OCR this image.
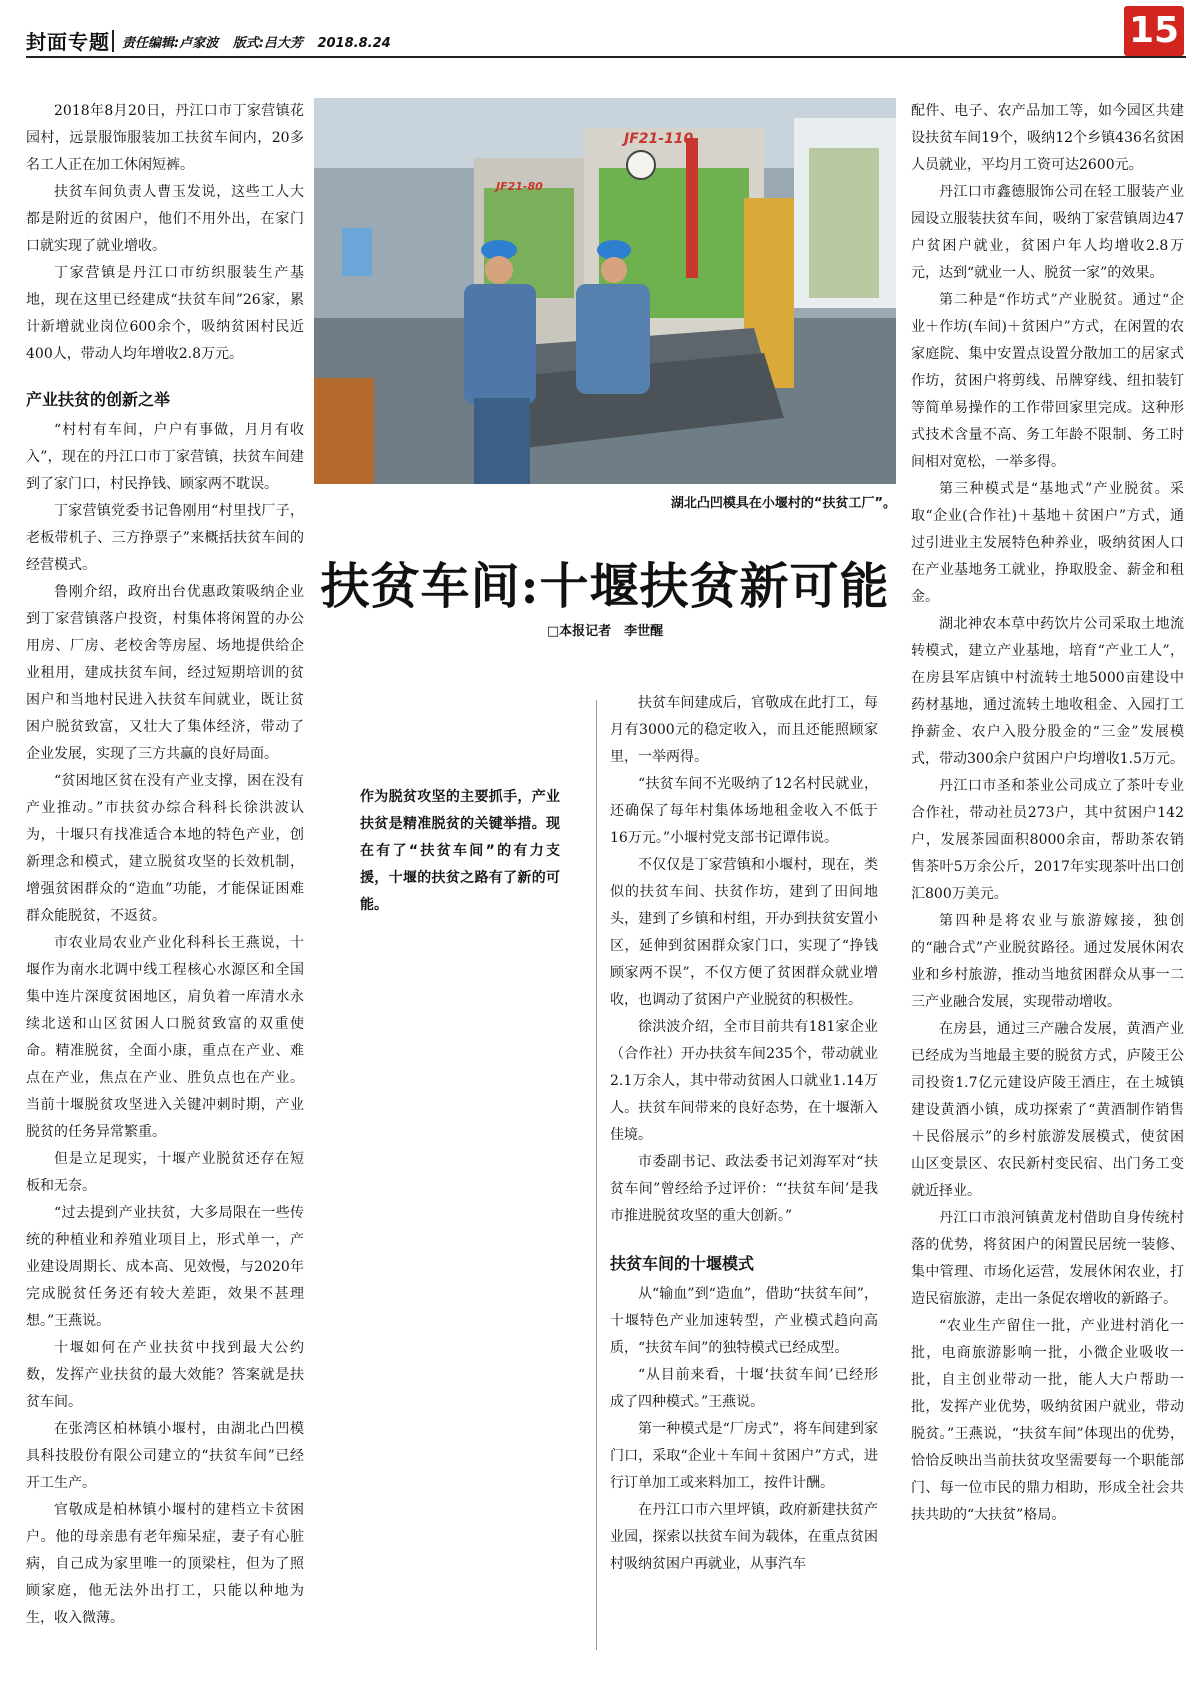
封面专题 责任编辑:卢家波 版式:吕大芳 2018.8.24	15

2018年8月20日，丹江口市丁家营镇花园村，远景服饰服装加工扶贫车间内，20多名工人正在加工休闲短裤。

扶贫车间负责人曹玉发说，这些工人大都是附近的贫困户，他们不用外出，在家门口就实现了就业增收。

丁家营镇是丹江口市纺织服装生产基地，现在这里已经建成“扶贫车间”26家，累计新增就业岗位600余个，吸纳贫困村民近400人，带动人均年增收2.8万元。

产业扶贫的创新之举

“村村有车间，户户有事做，月月有收入”，现在的丹江口市丁家营镇，扶贫车间建到了家门口，村民挣钱、顾家两不耽误。

丁家营镇党委书记鲁刚用“村里找厂子，老板带机子、三方挣票子”来概括扶贫车间的经营模式。

鲁刚介绍，政府出台优惠政策吸纳企业到丁家营镇落户投资，村集体将闲置的办公用房、厂房、老校舍等房屋、场地提供给企业租用，建成扶贫车间，经过短期培训的贫困户和当地村民进入扶贫车间就业，既让贫困户脱贫致富，又壮大了集体经济，带动了企业发展，实现了三方共赢的良好局面。

“贫困地区贫在没有产业支撑，困在没有产业推动。”市扶贫办综合科科长徐洪波认为，十堰只有找准适合本地的特色产业，创新理念和模式，建立脱贫攻坚的长效机制，增强贫困群众的“造血”功能，才能保证困难群众能脱贫，不返贫。

市农业局农业产业化科科长王燕说，十堰作为南水北调中线工程核心水源区和全国集中连片深度贫困地区，肩负着一库清水永续北送和山区贫困人口脱贫致富的双重使命。精准脱贫，全面小康，重点在产业、难点在产业，焦点在产业、胜负点也在产业。当前十堰脱贫攻坚进入关键冲刺时期，产业脱贫的任务异常繁重。

但是立足现实，十堰产业脱贫还存在短板和无奈。

“过去提到产业扶贫，大多局限在一些传统的种植业和养殖业项目上，形式单一，产业建设周期长、成本高、见效慢，与2020年完成脱贫任务还有较大差距，效果不甚理想。”王燕说。

十堰如何在产业扶贫中找到最大公约数，发挥产业扶贫的最大效能？答案就是扶贫车间。

在张湾区柏林镇小堰村，由湖北凸凹模具科技股份有限公司建立的“扶贫车间”已经开工生产。

官敬成是柏林镇小堰村的建档立卡贫困户。他的母亲患有老年痴呆症，妻子有心脏病，自己成为家里唯一的顶梁柱，但为了照顾家庭，他无法外出打工，只能以种地为生，收入微薄。

JF21-110
JF21-80
湖北凸凹模具在小堰村的“扶贫工厂”。
扶贫车间:十堰扶贫新可能
□本报记者　李世醒
作为脱贫攻坚的主要抓手，产业扶贫是精准脱贫的关键举措。现在有了“扶贫车间”的有力支援，十堰的扶贫之路有了新的可能。

扶贫车间建成后，官敬成在此打工，每月有3000元的稳定收入，而且还能照顾家里，一举两得。

“扶贫车间不光吸纳了12名村民就业，还确保了每年村集体场地租金收入不低于16万元。”小堰村党支部书记谭伟说。

不仅仅是丁家营镇和小堰村，现在，类似的扶贫车间、扶贫作坊，建到了田间地头，建到了乡镇和村组，开办到扶贫安置小区，延伸到贫困群众家门口，实现了“挣钱顾家两不误”，不仅方便了贫困群众就业增收，也调动了贫困户产业脱贫的积极性。

徐洪波介绍，全市目前共有181家企业（合作社）开办扶贫车间235个，带动就业2.1万余人，其中带动贫困人口就业1.14万人。扶贫车间带来的良好态势，在十堰渐入佳境。

市委副书记、政法委书记刘海军对“扶贫车间”曾经给予过评价：“‘扶贫车间’是我市推进脱贫攻坚的重大创新。”

扶贫车间的十堰模式

从“输血”到“造血”，借助“扶贫车间”，十堰特色产业加速转型，产业模式趋向高质，“扶贫车间”的独特模式已经成型。

“从目前来看，十堰‘扶贫车间’已经形成了四种模式。”王燕说。

第一种模式是“厂房式”，将车间建到家门口，采取“企业＋车间＋贫困户”方式，进行订单加工或来料加工，按件计酬。

在丹江口市六里坪镇，政府新建扶贫产业园，探索以扶贫车间为载体，在重点贫困村吸纳贫困户再就业，从事汽车

配件、电子、农产品加工等，如今园区共建设扶贫车间19个，吸纳12个乡镇436名贫困人员就业，平均月工资可达2600元。

丹江口市鑫德服饰公司在轻工服装产业园设立服装扶贫车间，吸纳丁家营镇周边47户贫困户就业，贫困户年人均增收2.8万元，达到“就业一人、脱贫一家”的效果。

第二种是“作坊式”产业脱贫。通过“企业＋作坊(车间)＋贫困户”方式，在闲置的农家庭院、集中安置点设置分散加工的居家式作坊，贫困户将剪线、吊牌穿线、纽扣装钉等简单易操作的工作带回家里完成。这种形式技术含量不高、务工年龄不限制、务工时间相对宽松，一举多得。

第三种模式是“基地式”产业脱贫。采取“企业(合作社)＋基地＋贫困户”方式，通过引进业主发展特色种养业，吸纳贫困人口在产业基地务工就业，挣取股金、薪金和租金。

湖北神农本草中药饮片公司采取土地流转模式，建立产业基地，培育“产业工人”，在房县军店镇中村流转土地5000亩建设中药材基地，通过流转土地收租金、入园打工挣薪金、农户入股分股金的“三金”发展模式，带动300余户贫困户户均增收1.5万元。

丹江口市圣和茶业公司成立了茶叶专业合作社，带动社员273户，其中贫困户142户，发展茶园面积8000余亩，帮助茶农销售茶叶5万余公斤，2017年实现茶叶出口创汇800万美元。

第四种是将农业与旅游嫁接，独创的“融合式”产业脱贫路径。通过发展休闲农业和乡村旅游，推动当地贫困群众从事一二三产业融合发展，实现带动增收。

在房县，通过三产融合发展，黄酒产业已经成为当地最主要的脱贫方式，庐陵王公司投资1.7亿元建设庐陵王酒庄，在土城镇建设黄酒小镇，成功探索了“黄酒制作销售＋民俗展示”的乡村旅游发展模式，使贫困山区变景区、农民新村变民宿、出门务工变就近择业。

丹江口市浪河镇黄龙村借助自身传统村落的优势，将贫困户的闲置民居统一装修、集中管理、市场化运营，发展休闲农业，打造民宿旅游，走出一条促农增收的新路子。

“农业生产留住一批，产业进村消化一批，电商旅游影响一批，小微企业吸收一批，自主创业带动一批，能人大户帮助一批，发挥产业优势，吸纳贫困户就业，带动脱贫。”王燕说，“扶贫车间”体现出的优势，恰恰反映出当前扶贫攻坚需要每一个职能部门、每一位市民的鼎力相助，形成全社会共扶共助的“大扶贫”格局。
